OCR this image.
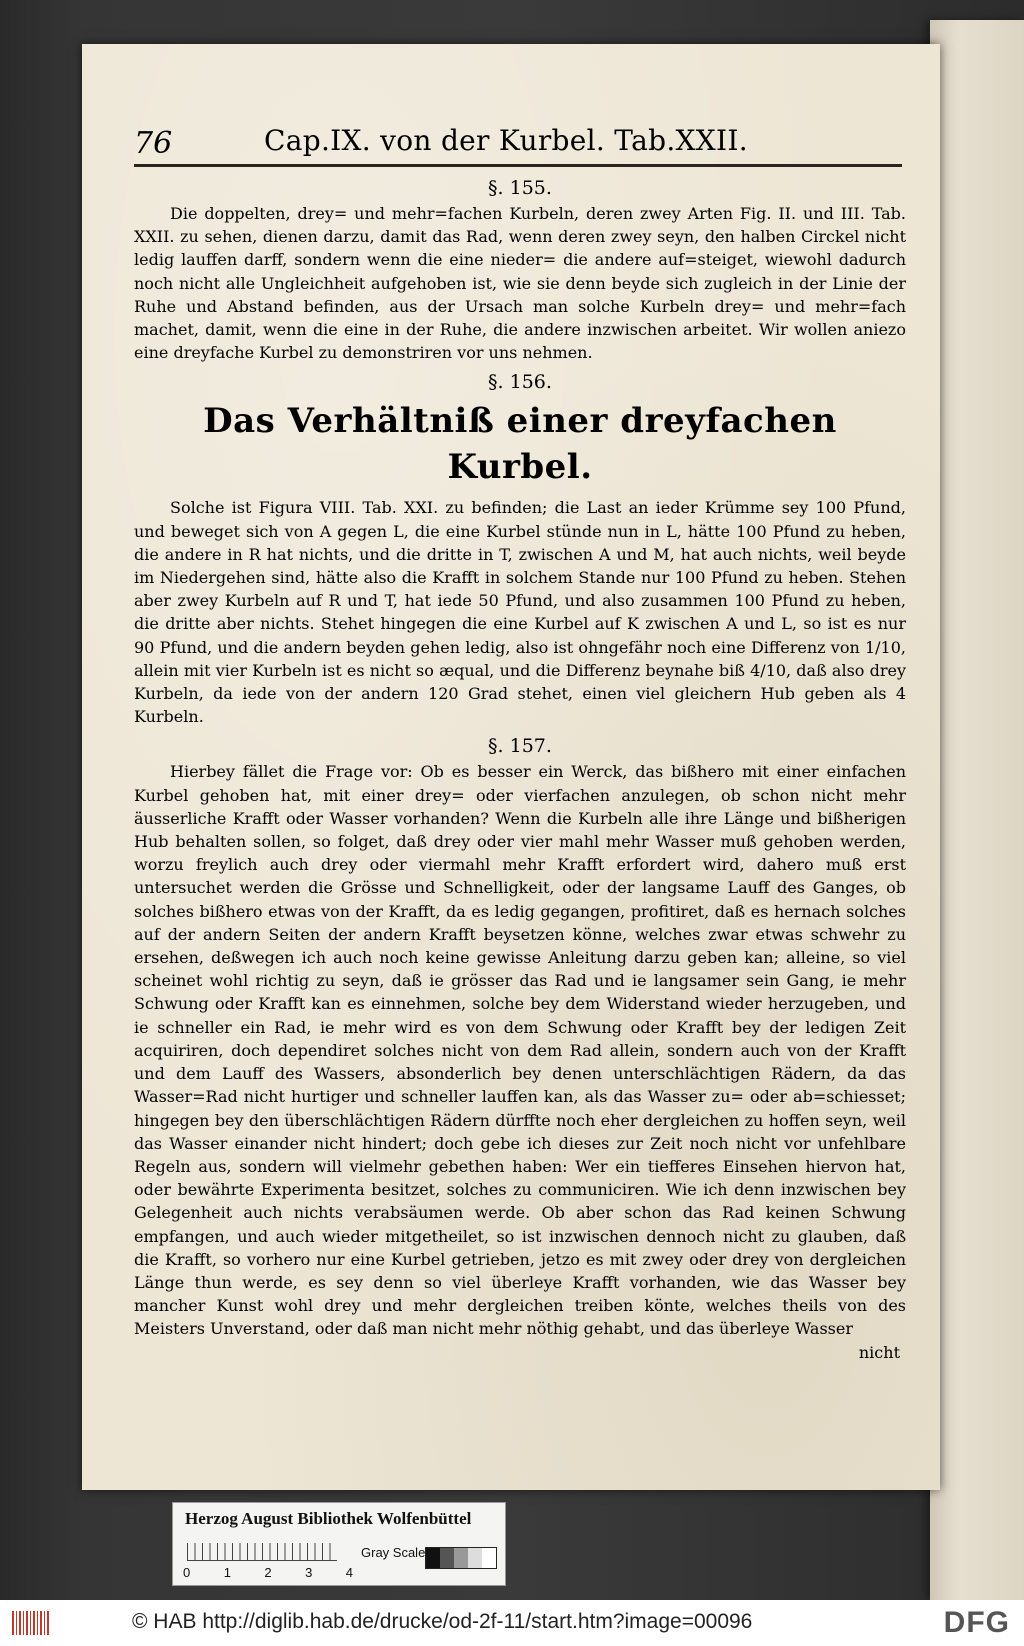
76	Cap.IX. von der Kurbel. Tab.XXII.
§. 155.

Die doppelten, drey= und mehr=fachen Kurbeln, deren zwey Arten Fig. II. und III. Tab. XXII. zu sehen, dienen darzu, damit das Rad, wenn deren zwey seyn, den halben Circkel nicht ledig lauffen darff, sondern wenn die eine nieder= die andere auf=steiget, wiewohl dadurch noch nicht alle Ungleichheit aufgehoben ist, wie sie denn beyde sich zugleich in der Linie der Ruhe und Abstand befinden, aus der Ursach man solche Kurbeln drey= und mehr=fach machet, damit, wenn die eine in der Ruhe, die andere inzwischen arbeitet. Wir wollen aniezo eine dreyfache Kurbel zu demonstriren vor uns nehmen.

§. 156.
Das Verhältniß einer dreyfachen Kurbel.

Solche ist Figura VIII. Tab. XXI. zu befinden; die Last an ieder Krümme sey 100 Pfund, und beweget sich von A gegen L, die eine Kurbel stünde nun in L, hätte 100 Pfund zu heben, die andere in R hat nichts, und die dritte in T, zwischen A und M, hat auch nichts, weil beyde im Niedergehen sind, hätte also die Krafft in solchem Stande nur 100 Pfund zu heben. Stehen aber zwey Kurbeln auf R und T, hat iede 50 Pfund, und also zusammen 100 Pfund zu heben, die dritte aber nichts. Stehet hingegen die eine Kurbel auf K zwischen A und L, so ist es nur 90 Pfund, und die andern beyden gehen ledig, also ist ohngefähr noch eine Differenz von 1/10, allein mit vier Kurbeln ist es nicht so æqual, und die Differenz beynahe biß 4/10, daß also drey Kurbeln, da iede von der andern 120 Grad stehet, einen viel gleichern Hub geben als 4 Kurbeln.

§. 157.

Hierbey fället die Frage vor: Ob es besser ein Werck, das bißhero mit einer einfachen Kurbel gehoben hat, mit einer drey= oder vierfachen anzulegen, ob schon nicht mehr äusserliche Krafft oder Wasser vorhanden? Wenn die Kurbeln alle ihre Länge und bißherigen Hub behalten sollen, so folget, daß drey oder vier mahl mehr Wasser muß gehoben werden, worzu freylich auch drey oder viermahl mehr Krafft erfordert wird, dahero muß erst untersuchet werden die Grösse und Schnelligkeit, oder der langsame Lauff des Ganges, ob solches bißhero etwas von der Krafft, da es ledig gegangen, profitiret, daß es hernach solches auf der andern Seiten der andern Krafft beysetzen könne, welches zwar etwas schwehr zu ersehen, deßwegen ich auch noch keine gewisse Anleitung darzu geben kan; alleine, so viel scheinet wohl richtig zu seyn, daß ie grösser das Rad und ie langsamer sein Gang, ie mehr Schwung oder Krafft kan es einnehmen, solche bey dem Widerstand wieder herzugeben, und ie schneller ein Rad, ie mehr wird es von dem Schwung oder Krafft bey der ledigen Zeit acquiriren, doch dependiret solches nicht von dem Rad allein, sondern auch von der Krafft und dem Lauff des Wassers, absonderlich bey denen unterschlächtigen Rädern, da das Wasser=Rad nicht hurtiger und schneller lauffen kan, als das Wasser zu= oder ab=schiesset; hingegen bey den überschlächtigen Rädern dürffte noch eher dergleichen zu hoffen seyn, weil das Wasser einander nicht hindert; doch gebe ich dieses zur Zeit noch nicht vor unfehlbare Regeln aus, sondern will vielmehr gebethen haben: Wer ein tiefferes Einsehen hiervon hat, oder bewährte Experimenta besitzet, solches zu communiciren. Wie ich denn inzwischen bey Gelegenheit auch nichts verabsäumen werde. Ob aber schon das Rad keinen Schwung empfangen, und auch wieder mitgetheilet, so ist inzwischen dennoch nicht zu glauben, daß die Krafft, so vorhero nur eine Kurbel getrieben, jetzo es mit zwey oder drey von dergleichen Länge thun werde, es sey denn so viel überleye Krafft vorhanden, wie das Wasser bey mancher Kunst wohl drey und mehr dergleichen treiben könte, welches theils von des Meisters Unverstand, oder daß man nicht mehr nöthig gehabt, und das überleye Wasser

nicht
Herzog August Bibliothek Wolfenbüttel
0	1	2	3	4
Gray Scale
© HAB http://diglib.hab.de/drucke/od-2f-11/start.htm?image=00096	DFG
